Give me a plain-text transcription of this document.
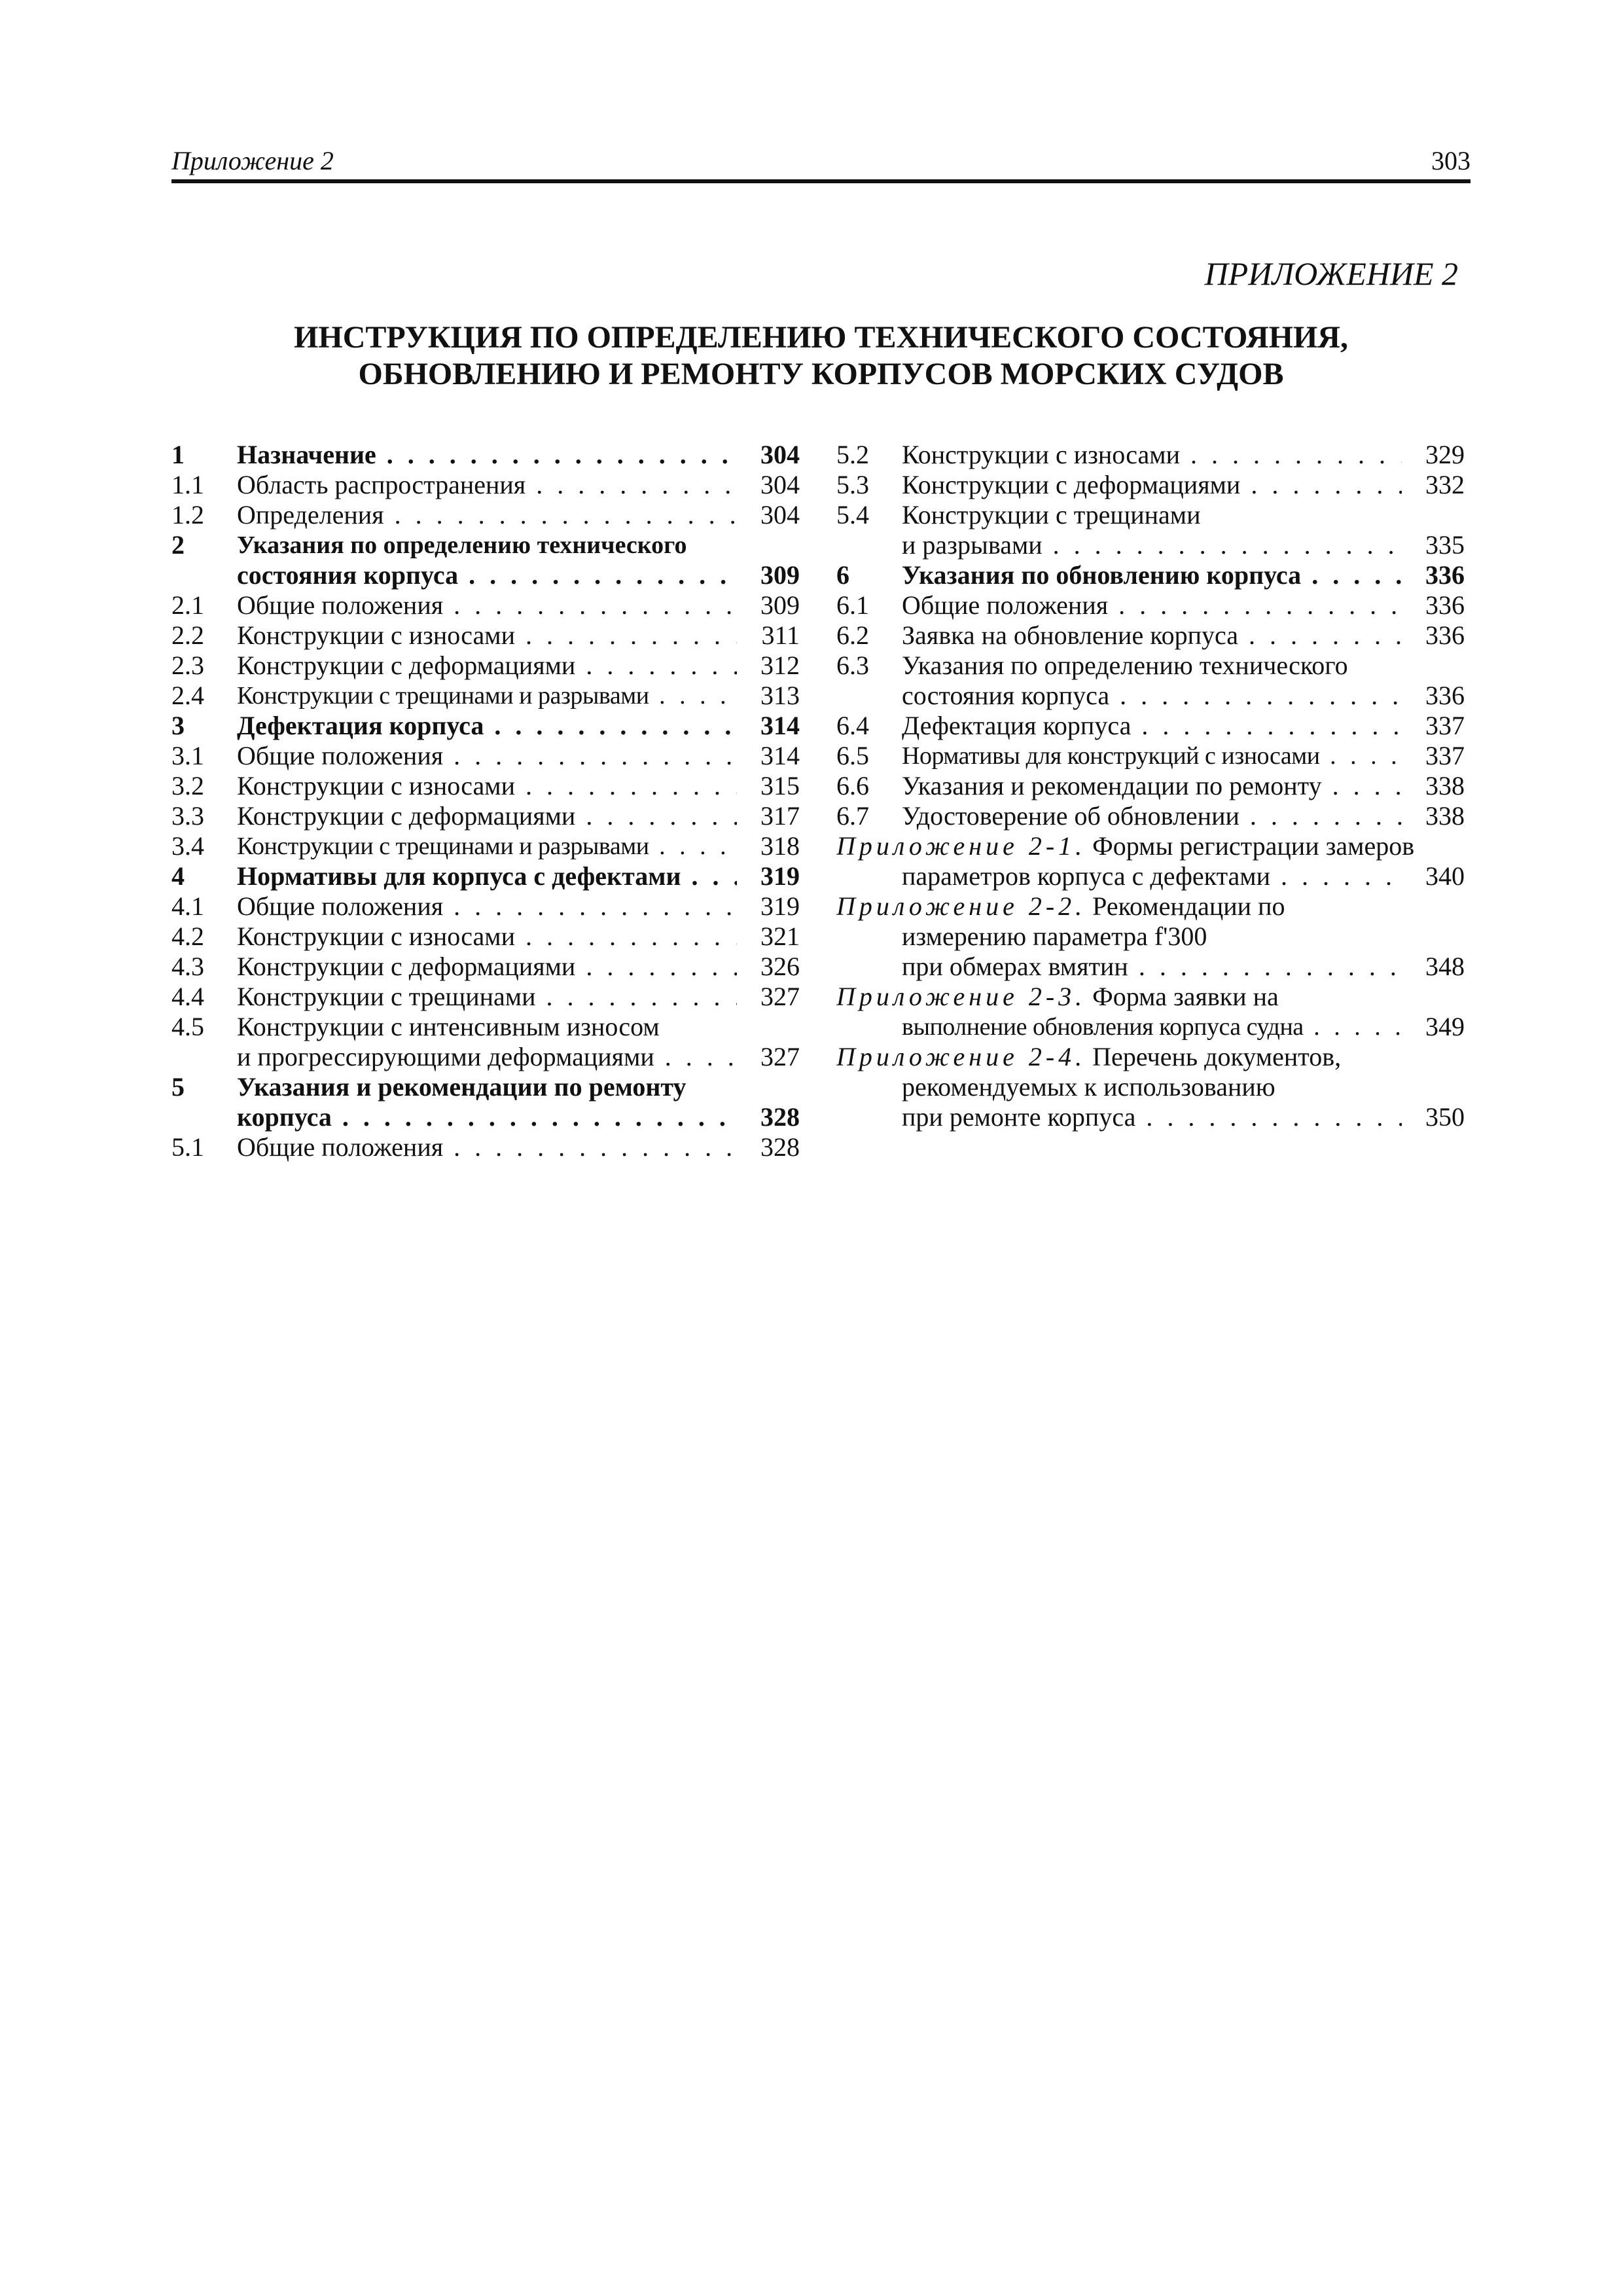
Приложение 2	303
ПРИЛОЖЕНИЕ 2
ИНСТРУКЦИЯ ПО ОПРЕДЕЛЕНИЮ ТЕХНИЧЕСКОГО СОСТОЯНИЯ,
ОБНОВЛЕНИЮ И РЕМОНТУ КОРПУСОВ МОРСКИХ СУДОВ
1 Назначение . . .	304
1.1 Область распространения . . .	304
1.2 Определения . . .	304
2 Указания по определению технического
состояния корпуса . . .	309
2.1 Общие положения . . .	309
2.2 Конструкции с износами . . .	311
2.3 Конструкции с деформациями . . .	312
2.4 Конструкции с трещинами и разрывами . . .	313
3 Дефектация корпуса . . .	314
3.1 Общие положения . . .	314
3.2 Конструкции с износами . . .	315
3.3 Конструкции с деформациями . . .	317
3.4 Конструкции с трещинами и разрывами . . .	318
4 Нормативы для корпуса с дефектами . . .	319
4.1 Общие положения . . .	319
4.2 Конструкции с износами . . .	321
4.3 Конструкции с деформациями . . .	326
4.4 Конструкции с трещинами . . .	327
4.5 Конструкции с интенсивным износом
и прогрессирующими деформациями . . .	327
5 Указания и рекомендации по ремонту
корпуса . . .	328
5.1 Общие положения . . .	328
5.2 Конструкции с износами . . .	329
5.3 Конструкции с деформациями . . .	332
5.4 Конструкции с трещинами
и разрывами . . .	335
6 Указания по обновлению корпуса . . .	336
6.1 Общие положения . . .	336
6.2 Заявка на обновление корпуса . . .	336
6.3 Указания по определению технического
состояния корпуса . . .	336
6.4 Дефектация корпуса . . .	337
6.5 Нормативы для конструкций с износами . . .	337
6.6 Указания и рекомендации по ремонту . . .	338
6.7 Удостоверение об обновлении . . .	338
Приложение 2-1. Формы регистрации замеров
параметров корпуса с дефектами . . .	340
Приложение 2-2. Рекомендации по
измерению параметра f'300
при обмерах вмятин . . .	348
Приложение 2-3. Форма заявки на
выполнение обновления корпуса судна . . .	349
Приложение 2-4. Перечень документов,
рекомендуемых к использованию
при ремонте корпуса . . .	350
